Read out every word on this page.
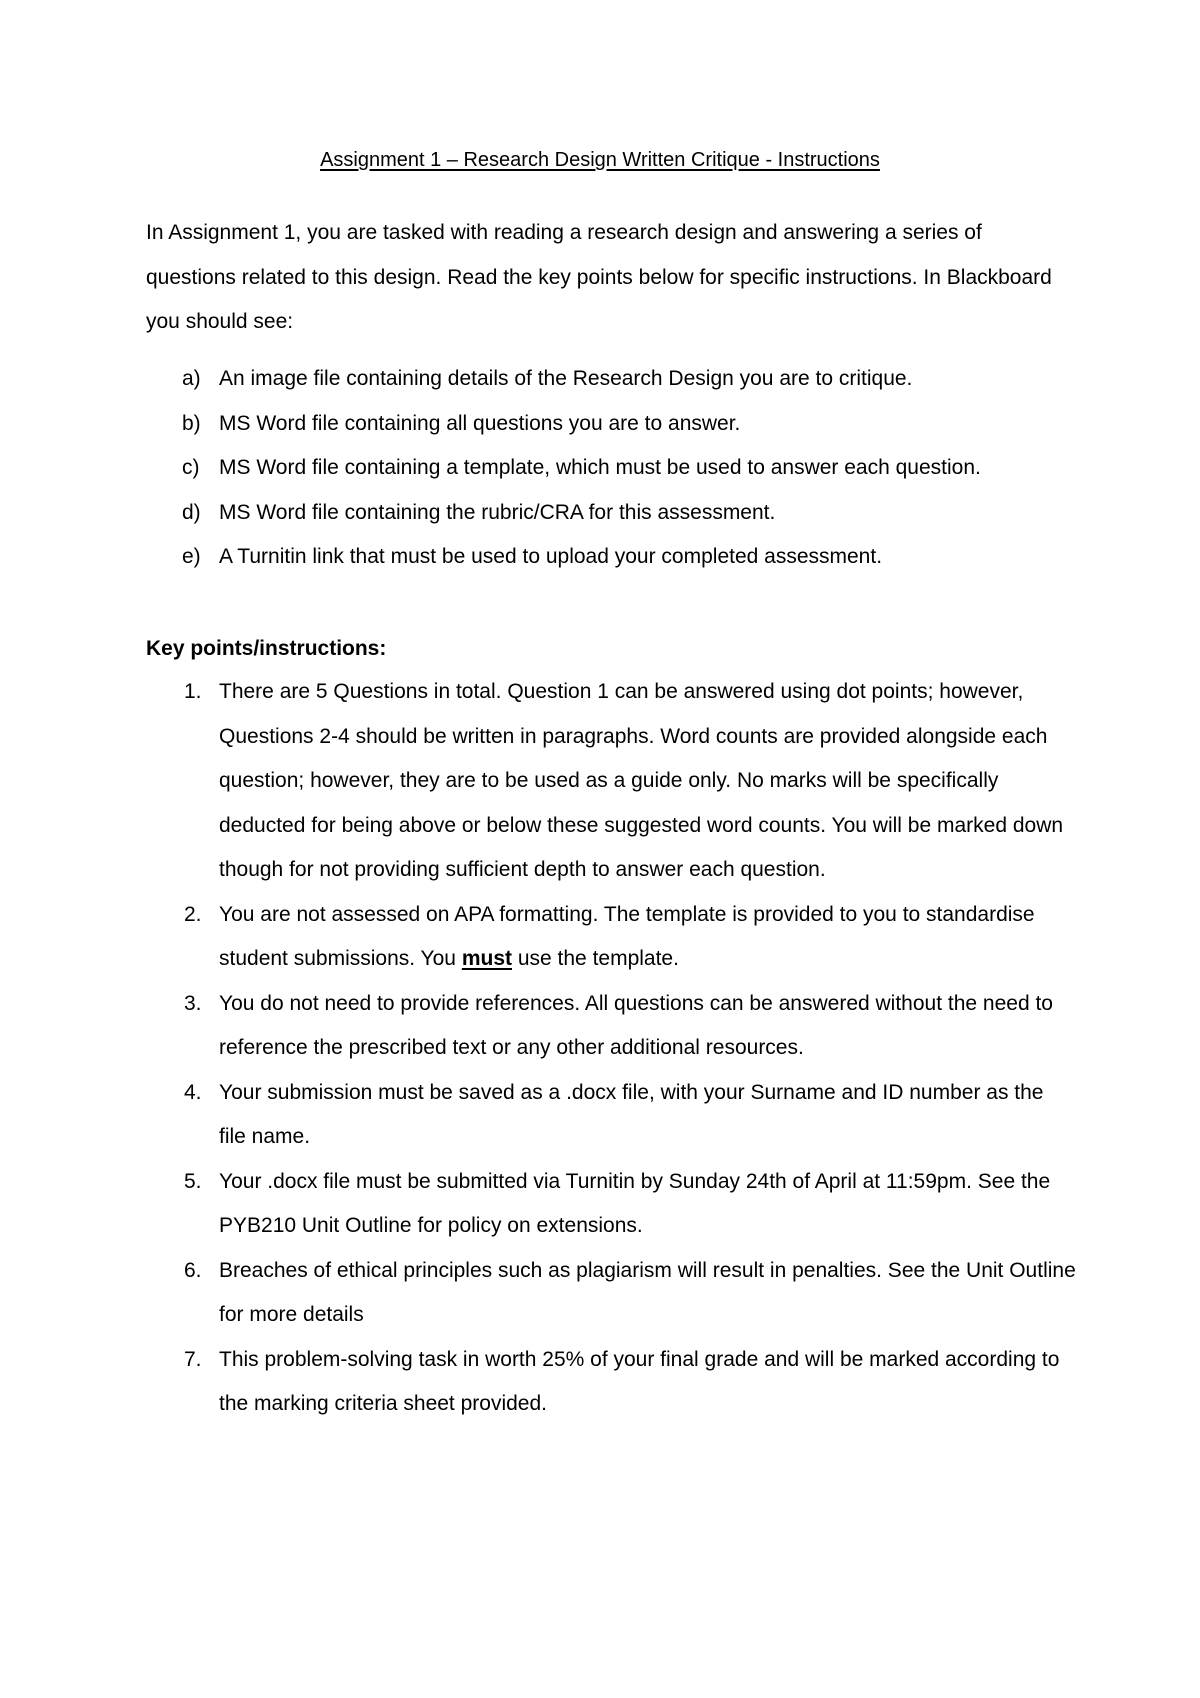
Assignment 1 – Research Design Written Critique - Instructions

In Assignment 1, you are tasked with reading a research design and answering a series of questions related to this design. Read the key points below for specific instructions. In Blackboard you should see:

a) An image file containing details of the Research Design you are to critique.
b) MS Word file containing all questions you are to answer.
c) MS Word file containing a template, which must be used to answer each question.
d) MS Word file containing the rubric/CRA for this assessment.
e) A Turnitin link that must be used to upload your completed assessment.
Key points/instructions:
1. There are 5 Questions in total. Question 1 can be answered using dot points; however, Questions 2-4 should be written in paragraphs. Word counts are provided alongside each question; however, they are to be used as a guide only. No marks will be specifically deducted for being above or below these suggested word counts. You will be marked down though for not providing sufficient depth to answer each question.
2. You are not assessed on APA formatting. The template is provided to you to standardise student submissions. You must use the template.
3. You do not need to provide references. All questions can be answered without the need to reference the prescribed text or any other additional resources.
4. Your submission must be saved as a .docx file, with your Surname and ID number as the file name.
5. Your .docx file must be submitted via Turnitin by Sunday 24th of April at 11:59pm. See the PYB210 Unit Outline for policy on extensions.
6. Breaches of ethical principles such as plagiarism will result in penalties. See the Unit Outline for more details
7. This problem-solving task in worth 25% of your final grade and will be marked according to the marking criteria sheet provided.
